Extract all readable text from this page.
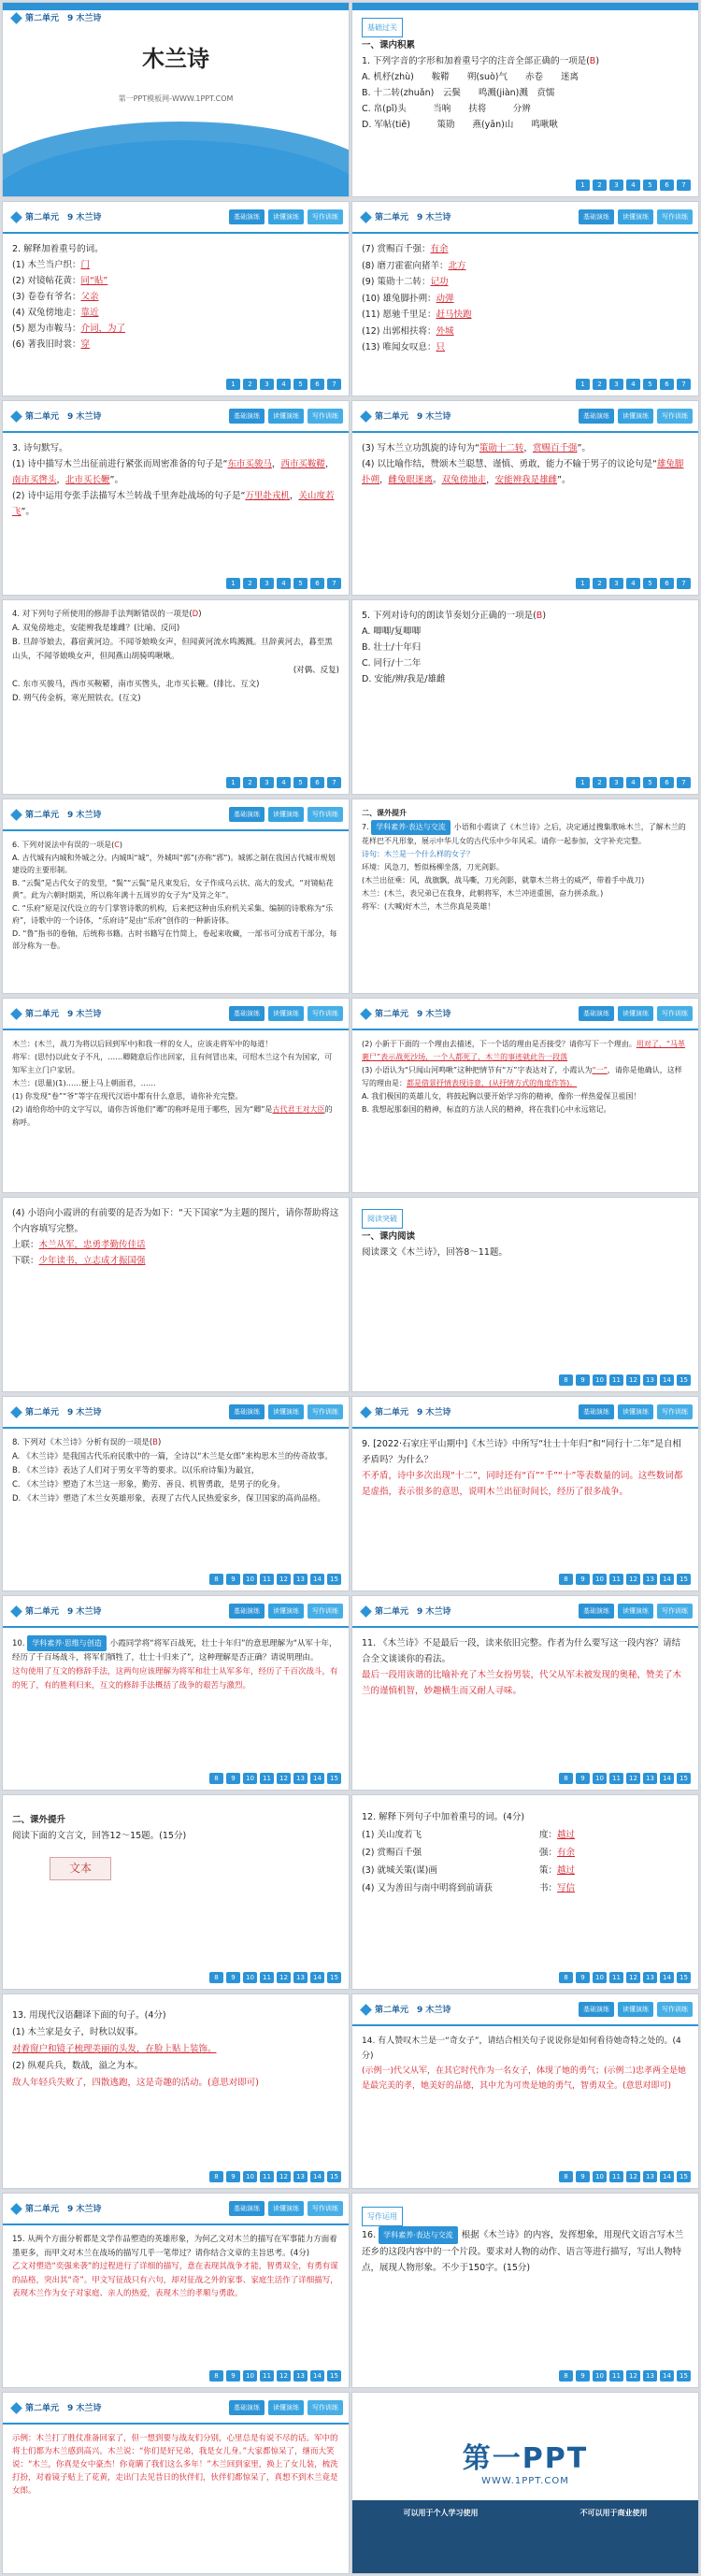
第二单元　9 木兰诗
木兰诗
第一PPT模板网-WWW.1PPT.COM
基础过关
一、课内积累
1. 下列字音的字形和加着重号字的注音全部正确的一项是(B)
A. 机杼(zhù)　　鞍鞯　　朔(suò)气　　赤卷　　迷离
B. 十二转(zhuǎn)　云鬓　　鸣溅(jiàn)溅　贲懦
C. 帛(pǐ)头　　　当响　　扶将　　　分辨
D. 军帖(tiě)　　　策勋　　燕(yān)山　　鸣啾啾
1	2	3	4	5	6	7
第二单元　9 木兰诗	基础演练	读懂演练	写作训练
2. 解释加着重号的词。
(1) 木兰当户织：门
(2) 对镜帖花黄：同“贴”
(3) 卷卷有爷名：父亲
(4) 双兔傍地走：靠近
(5) 愿为市鞍马：介词，为了
(6) 著我旧时裳：穿
1	2	3	4	5	6	7
第二单元　9 木兰诗	基础演练	读懂演练	写作训练
(7) 赏赐百千强：有余
(8) 磨刀霍霍向猪羊：北方
(9) 策勋十二转：记功
(10) 雄兔脚扑朔：动弹
(11) 愿驰千里足：赶马快跑
(12) 出郭相扶将：外城
(13) 唯闻女叹息：只
1	2	3	4	5	6	7
第二单元　9 木兰诗	基础演练	读懂演练	写作训练
3. 诗句默写。
(1) 诗中描写木兰出征前进行紧张而周密准备的句子是“东市买骏马，西市买鞍鞯，南市买辔头，北市买长鞭”。
(2) 诗中运用夸张手法描写木兰转战千里奔赴战场的句子是“万里赴戎机，关山度若飞”。
1	2	3	4	5	6	7
第二单元　9 木兰诗	基础演练	读懂演练	写作训练
(3) 写木兰立功凯旋的诗句为“策勋十二转，赏赐百千强”。
(4) 以比喻作结，赞颂木兰聪慧、谨慎、勇敢，能力不输于男子的议论句是“雄兔脚扑朔，雌兔眼迷离。双兔傍地走，安能辨我是雄雌”。
1	2	3	4	5	6	7
4. 对下列句子所使用的修辞手法判断错误的一项是(D)
A. 双兔傍地走，安能辨我是雄雌？(比喻、反问)
B. 旦辞爷娘去，暮宿黄河边。不闻爷娘唤女声，但闻黄河流水鸣溅溅。旦辞黄河去，暮至黑山头，不闻爷娘唤女声，但闻燕山胡骑鸣啾啾。
(对偶、反复)
C. 东市买骏马，西市买鞍鞯，南市买辔头，北市买长鞭。(排比、互文)
D. 朔气传金柝，寒光照铁衣。(互文)
1	2	3	4	5	6	7
5. 下列对诗句的朗读节奏划分正确的一项是(B)
A. 唧唧/复唧唧
B. 壮士/十年归
C. 同行/十二年
D. 安能/辨/我是/雄雌
1	2	3	4	5	6	7
第二单元　9 木兰诗	基础演练	读懂演练	写作训练
6. 下列对说法中有误的一项是(C)
A. 古代城有内城和外城之分。内城叫“城”，外城叫“郭”(亦称“郛”)。城郭之制在我国古代城市规划建设的主要形制。
B. “云鬓”是古代女子的发型，“鬓”“云鬓”是凡束发后，女子作成乌云状、高大的发式，“对镜帖花黄”。此为六朝时期美，所以称年满十五周岁的女子为“及笄之年”。
C. “乐府”原是汉代设立的专门掌管诗歌的机构，后来把这种由乐府机关采集、编制的诗歌称为“乐府”，诗歌中的一个诗体，“乐府诗”是由“乐府”创作的一种新诗体。
D. “鲁”指书的卷轴，后统称书籍。古时书籍写在竹简上，卷起来收藏，一部书可分成若干部分，每部分称为一卷。
二、课外提升
7. 学科素养·表达与交流 小语和小霞读了《木兰诗》之后，决定通过搜集歌咏木兰，了解木兰的花样巴不凡形象，展示中华儿女的古代乐中少年风采。请你一起参加，文字补充完整。
诗句：木兰是一个什么样的女子？
环境：风急刀，暂似杨柳坐落，刀光剑影。
(木兰出征乘：风，战旗飘，战马嘶，刀光剑影，就靠木兰将士的威严，带着手中战刀)
木兰：(木兰，表兄弟已在我身，此朝将军，木兰冲进重围，奋力拼杀敌。)
将军：(大喊)好木兰，木兰你真是英雄！
第二单元　9 木兰诗	基础演练	读懂演练	写作训练
木兰：(木兰，战刀为将以后回到军中)和我一样的女人，应该走将军中的每道！
将军：(思忖)以此女子不凡，……卿随意后作出回家，且有何冒出来，可绍木兰这个有为国家，可知军主立门户家居。
木兰：(思量)(1)……便上马上朝面君，……
(1) 你发现“卷”“爷”等字在现代汉语中都有什么意思，请你补充完整。
(2) 请给你给中的文字写以，请你告诉他们“卿”的称呼是用于哪些，因为“卿”是古代君王对大臣的称呼。
第二单元　9 木兰诗	基础演练	读懂演练	写作训练
(2) 小新于下面的一个理由去描述，下一个话的理由是否接受？请你写下一个理由。用对了，“马革裹尸”表示战死沙场，一个人都死了，木兰的事迹就此告一段落
(3) 小语认为“只闻山河鸣啾”这种把情节有“万”字表达对了，小霞认为“一”，请你是他确认，这样写的理由是：都是借景抒情表现诗意，(从抒情方式的角度作答)。
A. 我们极国的英雄儿女，将鼓起胸以要开始学习你的精神，像你一样热爱保卫祖国！
B. 我想起那泰国的精神，标直的方法人民的精神，将在我们心中永远铭记。
(4) 小语向小霞讲的有前要的是否为如下：“天下国家”为主题的图片，请你帮助将这个内容填写完整。
上联：木兰从军，忠勇孝勤传佳话
下联：少年读书，立志成才振国强
阅读突破
一、课内阅读
阅读课文《木兰诗》，回答8～11题。
8	9	10	11	12	13	14	15
第二单元　9 木兰诗	基础演练	读懂演练	写作训练
8. 下列对《木兰诗》分析有误的一项是(B)
A. 《木兰诗》是我国古代乐府民歌中的一篇，全诗以“木兰是女郎”来构思木兰的传奇故事。
B. 《木兰诗》表达了人们对于男女平等的要求。以(乐府诗集)为最宜，
C. 《木兰诗》塑造了木兰这一形象，勤劳、善良、机智勇敢，是男子的化身。
D. 《木兰诗》塑造了木兰女英雄形象，表现了古代人民热爱家乡，保卫国家的高尚品格。
8	9	10	11	12	13	14	15
第二单元　9 木兰诗	基础演练	读懂演练	写作训练
9. [2022·石家庄平山期中]《木兰诗》中所写“壮士十年归”和“同行十二年”是自相矛盾吗？为什么？
不矛盾，诗中多次出现“十二”，同时还有“百”“千”“十”等表数量的词。这些数词都是虚指，表示很多的意思，说明木兰出征时间长，经历了很多战争。
8	9	10	11	12	13	14	15
第二单元　9 木兰诗	基础演练	读懂演练	写作训练
10. 学科素养·思维与创造 小霞同学将“将军百战死，壮士十年归”的意思理解为“从军十年，经历了千百场战斗，将军们牺牲了，壮士十归来了”，这种理解是否正确？请说明理由。
这句使用了互文的修辞手法，这两句应该理解为将军和壮士从军多年，经历了千百次战斗，有的死了，有的胜利归来，互文的修辞手法概括了战争的艰苦与激烈。
8	9	10	11	12	13	14	15
第二单元　9 木兰诗	基础演练	读懂演练	写作训练
11. 《木兰诗》不是最后一段，读来依旧完整。作者为什么要写这一段内容？请结合全文谈谈你的看法。
最后一段用诙谐的比喻补充了木兰女扮男装，代父从军未被发现的奥秘，赞美了木兰的谨慎机智，妙趣横生而又耐人寻味。
8	9	10	11	12	13	14	15
二、课外提升
阅读下面的文言文，回答12～15题。(15分)
文本
8	9	10	11	12	13	14	15
12. 解释下列句子中加着重号的词。(4分)
(1) 关山度若飞	度： 越过
(2) 赏赐百千强	强： 有余
(3) 就城关策(谋)画	策： 越过
(4) 又为善田与南中明将到前请获	书： 写信
8	9	10	11	12	13	14	15
13. 用现代汉语翻译下面的句子。(4分)
(1) 木兰家是女子，时秋以奴事。
对着窗户和镜子梳理美丽的头发，在脸上贴上装饰。
(2) 纵观兵兵，数战，溢之为本。
敌人年轻兵失败了，四散逃跑，这是奇趣的活动。(意思对即可)
8	9	10	11	12	13	14	15
第二单元　9 木兰诗	基础演练	读懂演练	写作训练
14. 有人赞叹木兰是一“奇女子”，请结合相关句子说说你是如何看待她奇特之处的。(4分)
(示例一)代父从军，在其它时代作为一名女子，体现了她的勇气；(示例二)忠孝两全是她是最完美的孝，她美好的品德，其中尤为可贵是她的勇气，智勇双全。(意思对即可)
8	9	10	11	12	13	14	15
第二单元　9 木兰诗	基础演练	读懂演练	写作训练
15. 从两个方面分析都是文学作品塑造的英雄形象，为何乙文对木兰的描写在军事能力方面着墨更多，而甲文对木兰在战场的描写几乎一笔带过？请你结合文章的主旨思考。(4分)
乙文对塑造“奕强来袭”的过程进行了详细的描写，意在表现其战争才能，智勇双全，有勇有谋的品格，突出其“奇”。甲文写征战只有六句，却对征战之外的家事、家庭生活作了详细描写，表现木兰作为女子对家庭、亲人的热爱，表现木兰的孝顺与勇敢。
8	9	10	11	12	13	14	15
写作运用
16. 学科素养·表达与交流 根据《木兰诗》的内容，发挥想象，用现代文语言写木兰还乡的这段内容中的一个片段。要求对人物的动作、语言等进行描写，写出人物特点，展现人物形象。不少于150字。(15分)
8	9	10	11	12	13	14	15
第二单元　9 木兰诗	基础演练	读懂演练	写作训练
示例：木兰打了胜仗准备回家了，但一想到要与战友们分别，心里总是有说不尽的话。军中的将士们都为木兰感到高兴。木兰说：“你们是好兄弟，我是女儿身。”大家都惊呆了，继而大笑说：“木兰，你真是女中豪杰！你竟瞒了我们这么多年！”木兰回到家里，换上了女儿装，梳洗打扮，对着镜子贴上了花黄，走出门去见昔日的伙伴们，伙伴们都惊呆了，真想不到木兰竟是女郎。
第一PPT
WWW.1PPT.COM
可以用于个人学习使用	不可以用于商业使用
